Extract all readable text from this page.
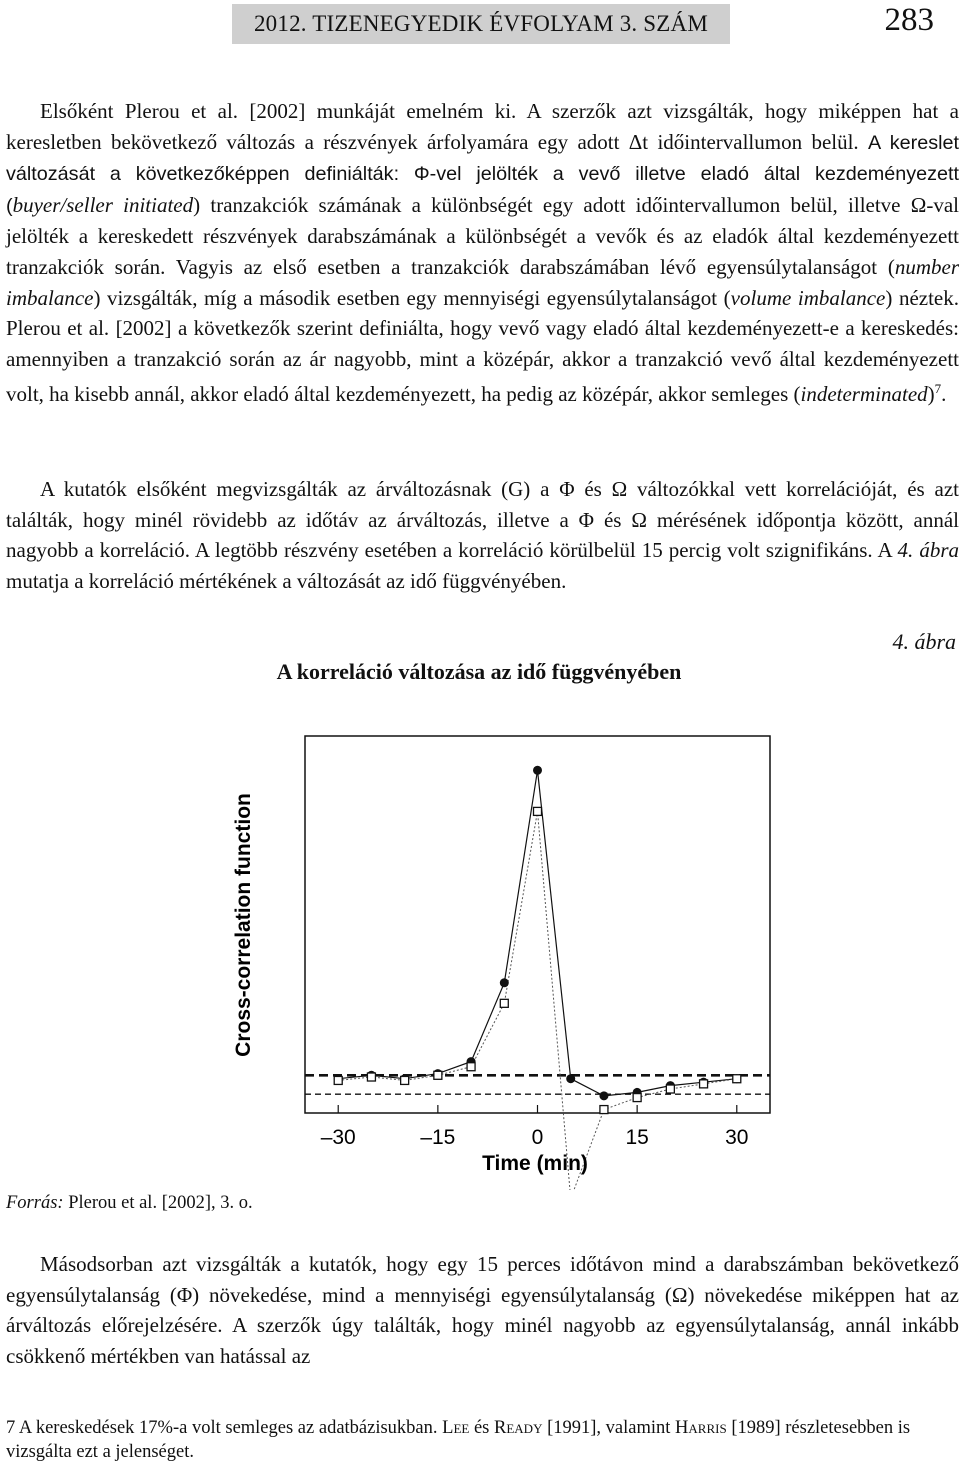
2012. TIZENEGYEDIK ÉVFOLYAM 3. SZÁM	283

Elsőként Plerou et al. [2002] munkáját emelném ki. A szerzők azt vizsgálták, hogy miképpen hat a keresletben bekövetkező változás a részvények árfolyamára egy adott Δt időintervallumon belül. A kereslet változását a következőképpen definiálták: Φ-vel jelölték a vevő illetve eladó által kezdeményezett (buyer/seller initiated) tranzakciók számának a különbségét egy adott időintervallumon belül, illetve Ω-val jelölték a kereskedett részvények darabszámának a különbségét a vevők és az eladók által kezdeményezett tranzakciók során. Vagyis az első esetben a tranzakciók darabszámában lévő egyensúlytalanságot (number imbalance) vizsgálták, míg a második esetben egy mennyiségi egyensúlytalanságot (volume imbalance) néztek. Plerou et al. [2002] a következők szerint definiálta, hogy vevő vagy eladó által kezdeményezett-e a kereskedés: amennyiben a tranzakció során az ár nagyobb, mint a középár, akkor a tranzakció vevő által kezdeményezett volt, ha kisebb annál, akkor eladó által kezdeményezett, ha pedig az középár, akkor semleges (indeterminated)$^7$.

A kutatók elsőként megvizsgálták az árváltozásnak (G) a Φ és Ω változókkal vett korrelációját, és azt találták, hogy minél rövidebb az időtáv az árváltozás, illetve a Φ és Ω mérésének időpontja között, annál nagyobb a korreláció. A legtöbb részvény esetében a korreláció körülbelül 15 percig volt szignifikáns. A 4. ábra mutatja a korreláció mértékének a változását az idő függvényében.

4. ábra
A korreláció változása az idő függvényében
–30	–15	0	15	30
Time (min)
Cross-correlation function
Forrás: Plerou et al. [2002], 3. o.

Másodsorban azt vizsgálták a kutatók, hogy egy 15 perces időtávon mind a darabszámban bekövetkező egyensúlytalanság (Φ) növekedése, mind a mennyiségi egyensúlytalanság (Ω) növekedése miképpen hat az árváltozás előrejelzésére. A szerzők úgy találták, hogy minél nagyobb az egyensúlytalanság, annál inkább csökkenő mértékben van hatással az

7 A kereskedések 17%-a volt semleges az adatbázisukban. Lee és Ready [1991], valamint Harris [1989] részletesebben is vizsgálta ezt a jelenséget.
